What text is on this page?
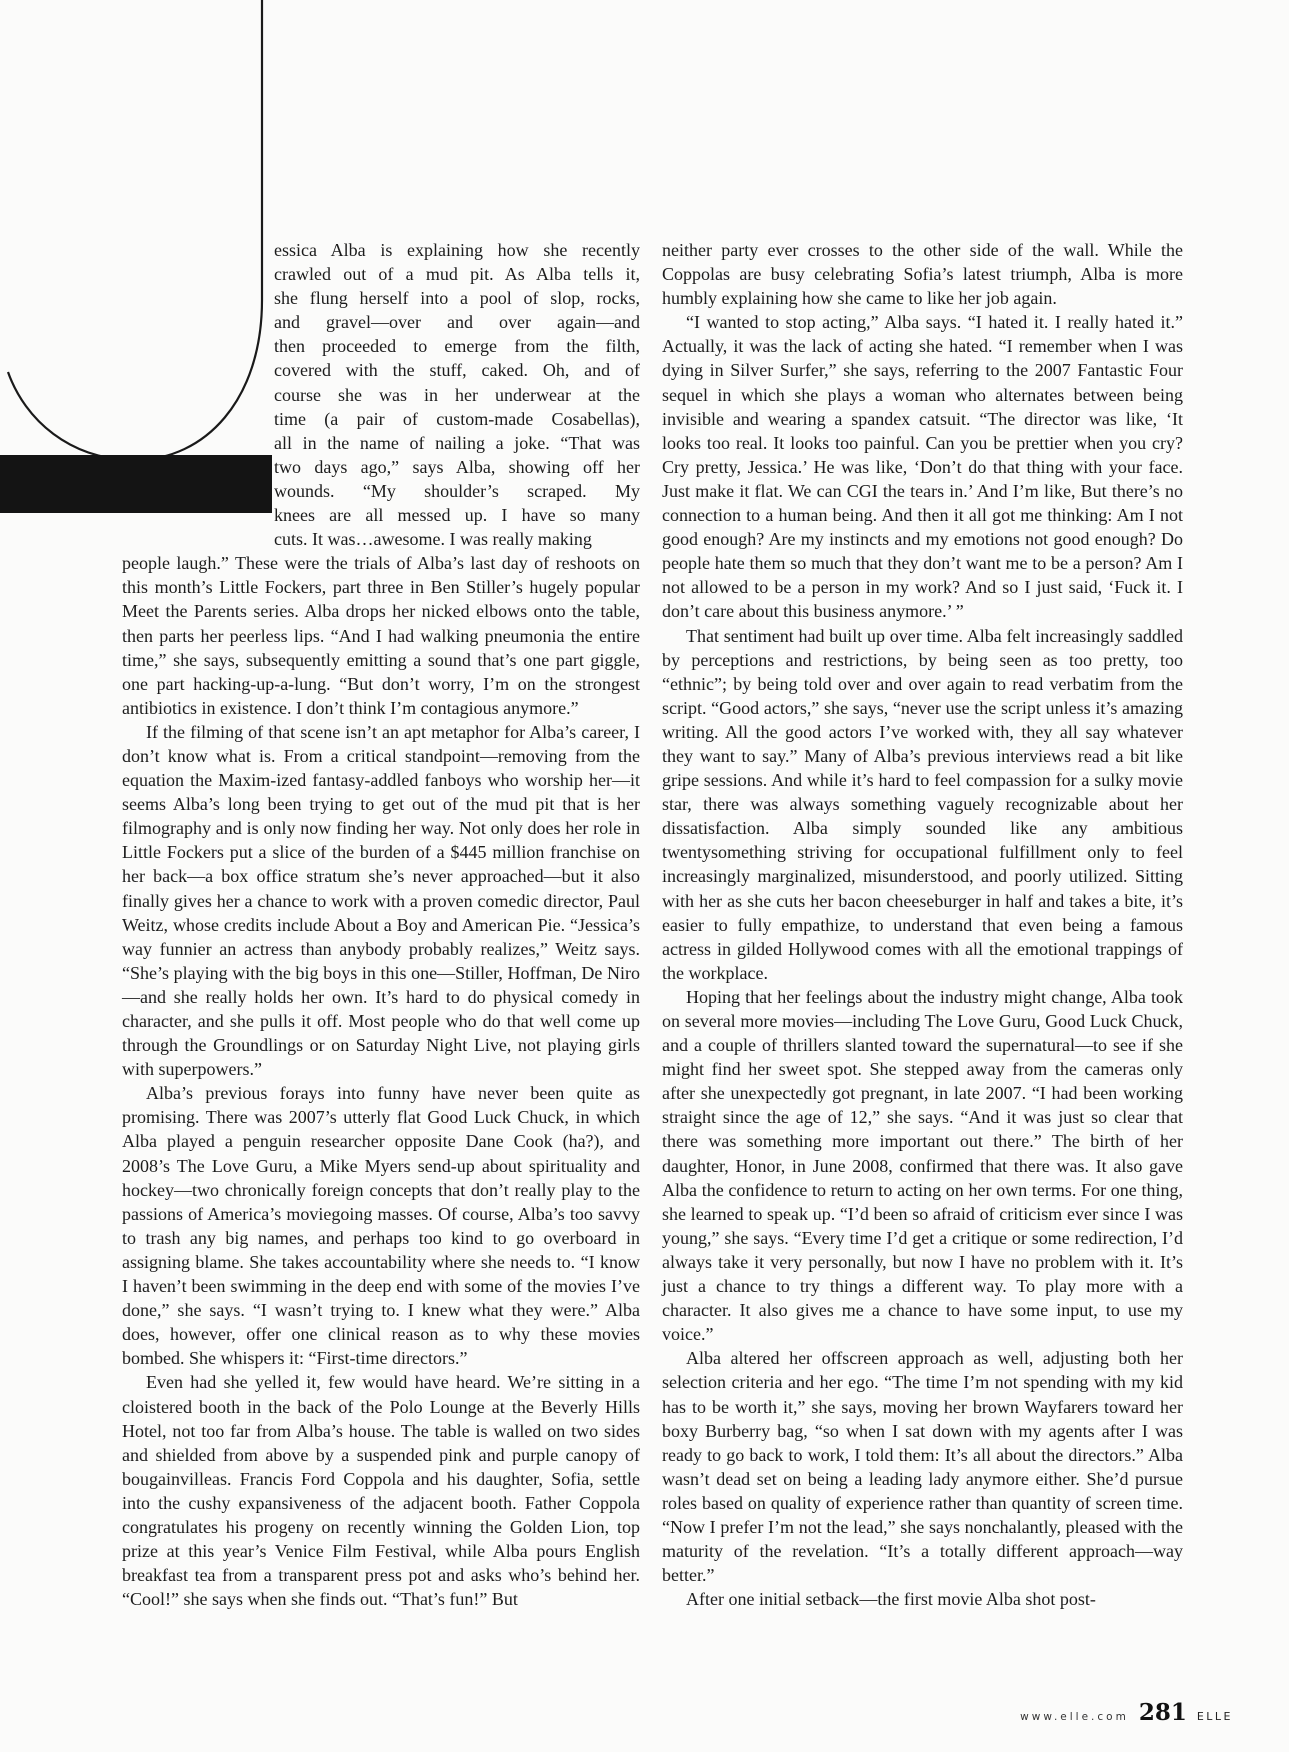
essica Alba is explaining how she recently
crawled out of a mud pit. As Alba tells it,
she flung herself into a pool of slop, rocks,
and gravel—over and over again—and
then proceeded to emerge from the filth,
covered with the stuff, caked. Oh, and of
course she was in her underwear at the
time (a pair of custom-made Cosabellas),
all in the name of nailing a joke. “That was
two days ago,” says Alba, showing off her
wounds. “My shoulder’s scraped. My
knees are all messed up. I have so many
cuts. It was…awesome. I was really making
people laugh.” These were the trials of Alba’s last day of reshoots on this month’s Little Fockers, part three in Ben Stiller’s hugely popular Meet the Parents series. Alba drops her nicked elbows onto the table, then parts her peerless lips. “And I had walking pneumonia the entire time,” she says, subsequently emitting a sound that’s one part giggle, one part hacking-up-a-lung. “But don’t worry, I’m on the strongest antibiotics in existence. I don’t think I’m contagious anymore.”

If the filming of that scene isn’t an apt metaphor for Alba’s career, I don’t know what is. From a critical standpoint—removing from the equation the Maxim-ized fantasy-addled fanboys who worship her—it seems Alba’s long been trying to get out of the mud pit that is her filmography and is only now finding her way. Not only does her role in Little Fockers put a slice of the burden of a $445 million franchise on her back—a box office stratum she’s never approached—but it also finally gives her a chance to work with a proven comedic director, Paul Weitz, whose credits include About a Boy and American Pie. “Jessica’s way funnier an actress than anybody probably realizes,” Weitz says. “She’s playing with the big boys in this one—Stiller, Hoffman, De Niro—and she really holds her own. It’s hard to do physical comedy in character, and she pulls it off. Most people who do that well come up through the Groundlings or on Saturday Night Live, not playing girls with superpowers.”

Alba’s previous forays into funny have never been quite as promising. There was 2007’s utterly flat Good Luck Chuck, in which Alba played a penguin researcher opposite Dane Cook (ha?), and 2008’s The Love Guru, a Mike Myers send-up about spirituality and hockey—two chronically foreign concepts that don’t really play to the passions of America’s moviegoing masses. Of course, Alba’s too savvy to trash any big names, and perhaps too kind to go overboard in assigning blame. She takes accountability where she needs to. “I know I haven’t been swimming in the deep end with some of the movies I’ve done,” she says. “I wasn’t trying to. I knew what they were.” Alba does, however, offer one clinical reason as to why these movies bombed. She whispers it: “First-time directors.”

Even had she yelled it, few would have heard. We’re sitting in a cloistered booth in the back of the Polo Lounge at the Beverly Hills Hotel, not too far from Alba’s house. The table is walled on two sides and shielded from above by a suspended pink and purple canopy of bougainvilleas. Francis Ford Coppola and his daughter, Sofia, settle into the cushy expansiveness of the adjacent booth. Father Coppola congratulates his progeny on recently winning the Golden Lion, top prize at this year’s Venice Film Festival, while Alba pours English breakfast tea from a transparent press pot and asks who’s behind her. “Cool!” she says when she finds out. “That’s fun!” But

neither party ever crosses to the other side of the wall. While the Coppolas are busy celebrating Sofia’s latest triumph, Alba is more humbly explaining how she came to like her job again.

“I wanted to stop acting,” Alba says. “I hated it. I really hated it.” Actually, it was the lack of acting she hated. “I remember when I was dying in Silver Surfer,” she says, referring to the 2007 Fantastic Four sequel in which she plays a woman who alternates between being invisible and wearing a spandex catsuit. “The director was like, ‘It looks too real. It looks too painful. Can you be prettier when you cry? Cry pretty, Jessica.’ He was like, ‘Don’t do that thing with your face. Just make it flat. We can CGI the tears in.’ And I’m like, But there’s no connection to a human being. And then it all got me thinking: Am I not good enough? Are my instincts and my emotions not good enough? Do people hate them so much that they don’t want me to be a person? Am I not allowed to be a person in my work? And so I just said, ‘Fuck it. I don’t care about this business anymore.’ ”

That sentiment had built up over time. Alba felt increasingly saddled by perceptions and restrictions, by being seen as too pretty, too “ethnic”; by being told over and over again to read verbatim from the script. “Good actors,” she says, “never use the script unless it’s amazing writing. All the good actors I’ve worked with, they all say whatever they want to say.” Many of Alba’s previous interviews read a bit like gripe sessions. And while it’s hard to feel compassion for a sulky movie star, there was always something vaguely recognizable about her dissatisfaction. Alba simply sounded like any ambitious twentysomething striving for occupational fulfillment only to feel increasingly marginalized, misunderstood, and poorly utilized. Sitting with her as she cuts her bacon cheeseburger in half and takes a bite, it’s easier to fully empathize, to understand that even being a famous actress in gilded Hollywood comes with all the emotional trappings of the workplace.

Hoping that her feelings about the industry might change, Alba took on several more movies—including The Love Guru, Good Luck Chuck, and a couple of thrillers slanted toward the supernatural—to see if she might find her sweet spot. She stepped away from the cameras only after she unexpectedly got pregnant, in late 2007. “I had been working straight since the age of 12,” she says. “And it was just so clear that there was something more important out there.” The birth of her daughter, Honor, in June 2008, confirmed that there was. It also gave Alba the confidence to return to acting on her own terms. For one thing, she learned to speak up. “I’d been so afraid of criticism ever since I was young,” she says. “Every time I’d get a critique or some redirection, I’d always take it very personally, but now I have no problem with it. It’s just a chance to try things a different way. To play more with a character. It also gives me a chance to have some input, to use my voice.”

Alba altered her offscreen approach as well, adjusting both her selection criteria and her ego. “The time I’m not spending with my kid has to be worth it,” she says, moving her brown Wayfarers toward her boxy Burberry bag, “so when I sat down with my agents after I was ready to go back to work, I told them: It’s all about the directors.” Alba wasn’t dead set on being a leading lady anymore either. She’d pursue roles based on quality of experience rather than quantity of screen time. “Now I prefer I’m not the lead,” she says nonchalantly, pleased with the maturity of the revelation. “It’s a totally different approach—way better.”

After one initial setback—the first movie Alba shot post-

www.elle.com 281 ELLE
